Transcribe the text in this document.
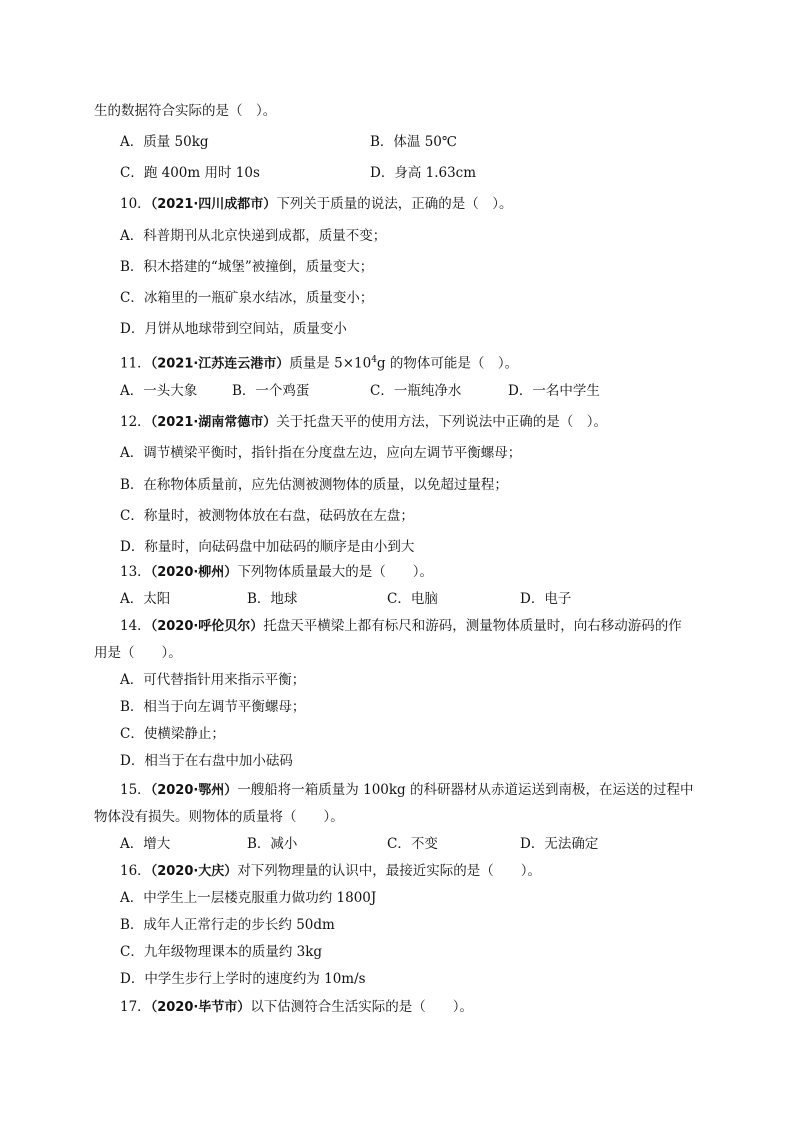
生的数据符合实际的是（　）。
A．质量 50kg	B．体温 50℃
C．跑 400m 用时 10s	D．身高 1.63cm
10．（2021·四川成都市）下列关于质量的说法，正确的是（　）。
A．科普期刊从北京快递到成都，质量不变；
B．积木搭建的“城堡”被撞倒，质量变大；
C．冰箱里的一瓶矿泉水结冰，质量变小；
D．月饼从地球带到空间站，质量变小
11．（2021·江苏连云港市）质量是 $5\times 10^4g$ 的物体可能是（　）。
A．一头大象	B．一个鸡蛋	C．一瓶纯净水	D．一名中学生
12．（2021·湖南常德市）关于托盘天平的使用方法，下列说法中正确的是（　）。
A．调节横梁平衡时，指针指在分度盘左边，应向左调节平衡螺母；
B．在称物体质量前，应先估测被测物体的质量，以免超过量程；
C．称量时，被测物体放在右盘，砝码放在左盘；
D．称量时，向砝码盘中加砝码的顺序是由小到大
13．（2020·柳州）下列物体质量最大的是（　　）。
A．太阳	B．地球	C．电脑	D．电子
14．（2020·呼伦贝尔）托盘天平横梁上都有标尺和游码，测量物体质量时，向右移动游码的作
用是（　　）。
A．可代替指针用来指示平衡；
B．相当于向左调节平衡螺母；
C．使横梁静止；
D．相当于在右盘中加小砝码
15．（2020·鄂州）一艘船将一箱质量为 100kg 的科研器材从赤道运送到南极，在运送的过程中
物体没有损失。则物体的质量将（　　）。
A．增大	B．减小	C．不变	D．无法确定
16．（2020·大庆）对下列物理量的认识中，最接近实际的是（　　）。
A．中学生上一层楼克服重力做功约 1800J
B．成年人正常行走的步长约 50dm
C．九年级物理课本的质量约 3kg
D．中学生步行上学时的速度约为 10m/s
17．（2020·毕节市）以下估测符合生活实际的是（　　）。
